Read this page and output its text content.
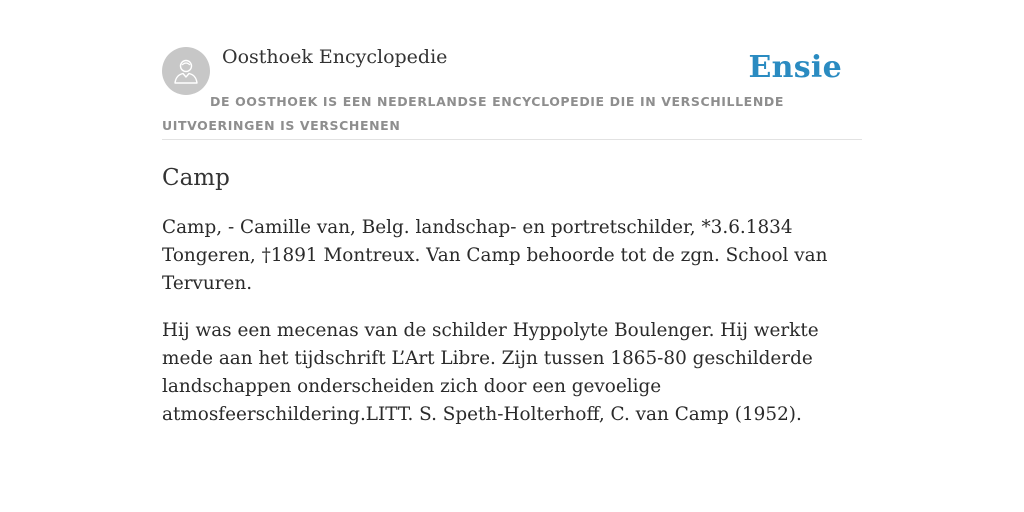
Oosthoek Encyclopedie	Ensie
DE OOSTHOEK IS EEN NEDERLANDSE ENCYCLOPEDIE DIE IN VERSCHILLENDE UITVOERINGEN IS VERSCHENEN
Camp

Camp, - Camille van, Belg. landschap- en portretschilder, *3.6.1834 Tongeren, †1891 Montreux. Van Camp behoorde tot de zgn. School van Tervuren.

Hij was een mecenas van de schilder Hyppolyte Boulenger. Hij werkte mede aan het tijdschrift L’Art Libre. Zijn tussen 1865-80 geschilderde landschappen onderscheiden zich door een gevoelige atmosfeerschildering.LITT. S. Speth-Holterhoff, C. van Camp (1952).
